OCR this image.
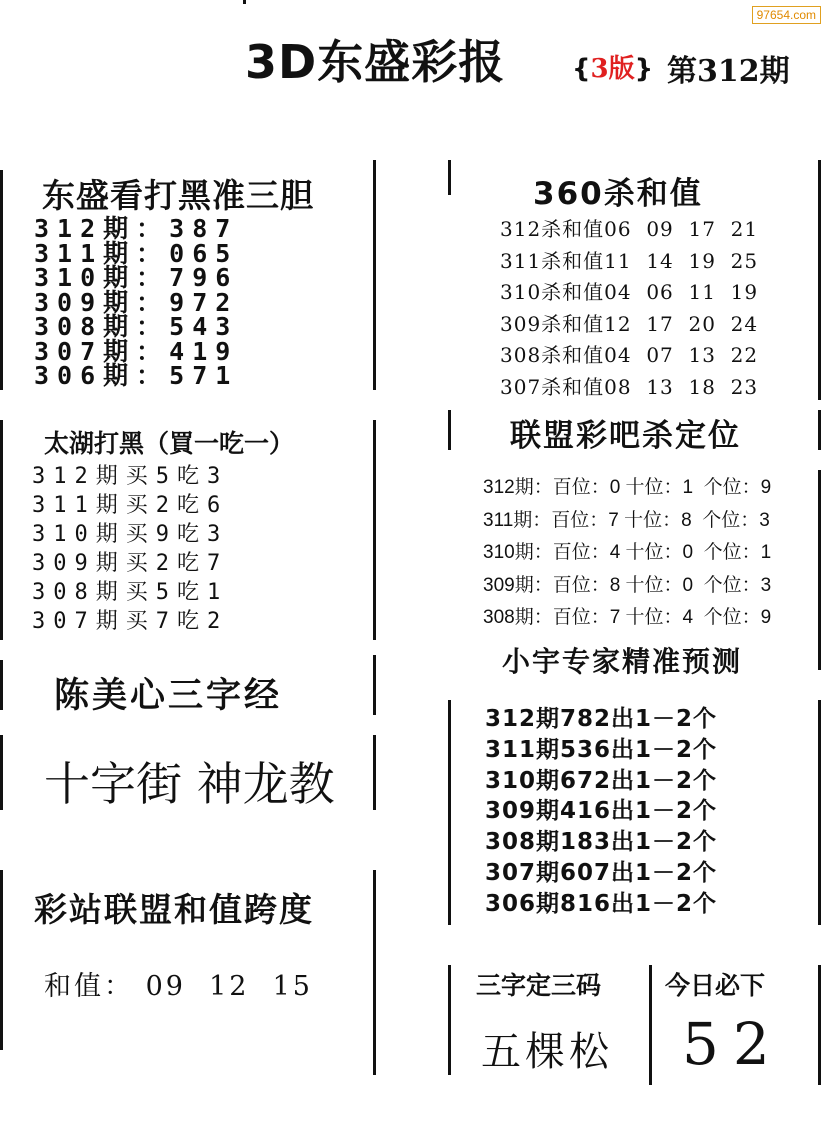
97654.com
3D东盛彩报	{3版} 第312期
东盛看打黑准三胆
312期：387
311期：065
310期：796
309期：972
308期：543
307期：419
306期：571
太湖打黑（買一吃一）
312期买5吃3
311期买2吃6
310期买9吃3
309期买2吃7
308期买5吃1
307期买7吃2
陈美心三字经
十字街 神龙教
彩站联盟和值跨度
和值： 09  12  15
360杀和值
312杀和值06  09  17  21
311杀和值11  14  19  25
310杀和值04  06  11  19
309杀和值12  17  20  24
308杀和值04  07  13  22
307杀和值08  13  18  23
联盟彩吧杀定位
312期：百位：0 十位：1  个位：9
311期：百位：7 十位：8  个位：3
310期：百位：4 十位：0  个位：1
309期：百位：8 十位：0  个位：3
308期：百位：7 十位：4  个位：9
小宇专家精准预测
312期782出1－2个
311期536出1－2个
310期672出1－2个
309期416出1－2个
308期183出1－2个
307期607出1－2个
306期816出1－2个
三字定三码
五棵松
今日必下
52
